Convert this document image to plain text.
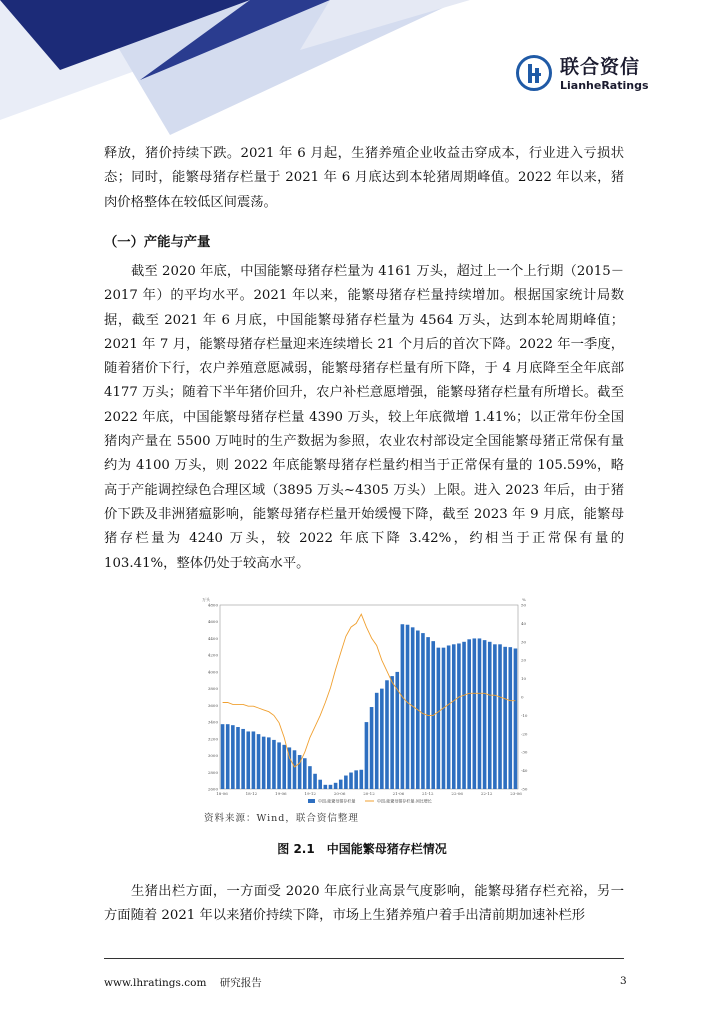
联合资信
LianheRatings
释放，猪价持续下跌。2021 年 6 月起，生猪养殖企业收益击穿成本，行业进入亏损状态；同时，能繁母猪存栏量于 2021 年 6 月底达到本轮猪周期峰值。2022 年以来，猪肉价格整体在较低区间震荡。
（一）产能与产量
截至 2020 年底，中国能繁母猪存栏量为 4161 万头，超过上一个上行期（2015－2017 年）的平均水平。2021 年以来，能繁母猪存栏量持续增加。根据国家统计局数据，截至 2021 年 6 月底，中国能繁母猪存栏量为 4564 万头，达到本轮周期峰值；2021 年 7 月，能繁母猪存栏量迎来连续增长 21 个月后的首次下降。2022 年一季度，随着猪价下行，农户养殖意愿减弱，能繁母猪存栏量有所下降，于 4 月底降至全年底部 4177 万头；随着下半年猪价回升，农户补栏意愿增强，能繁母猪存栏量有所增长。截至 2022 年底，中国能繁母猪存栏量 4390 万头，较上年底微增 1.41%；以正常年份全国猪肉产量在 5500 万吨时的生产数据为参照，农业农村部设定全国能繁母猪正常保有量约为 4100 万头，则 2022 年底能繁母猪存栏量约相当于正常保有量的 105.59%，略高于产能调控绿色合理区域（3895 万头~4305 万头）上限。进入 2023 年后，由于猪价下跌及非洲猪瘟影响，能繁母猪存栏量开始缓慢下降，截至 2023 年 9 月底，能繁母猪存栏量为 4240 万头，较 2022 年底下降 3.42%，约相当于正常保有量的 103.41%，整体仍处于较高水平。
万头	%
4800
4600
4400
4200
4000
3800
3600
3400
3200
3000
2800
2600
50
40
30
20
10
0
-10
-20
-30
-40
-50
18-06	18-12	19-06	19-12	20-06	20-12	21-06	21-12	22-06	22-12	23-06
中国:能繁母猪存栏量	中国:能繁母猪存栏量:同比增长
资料来源：Wind，联合资信整理
图 2.1　中国能繁母猪存栏情况
生猪出栏方面，一方面受 2020 年底行业高景气度影响，能繁母猪存栏充裕，另一方面随着 2021 年以来猪价持续下降，市场上生猪养殖户着手出清前期加速补栏形
www.lhratings.com 研究报告	3
